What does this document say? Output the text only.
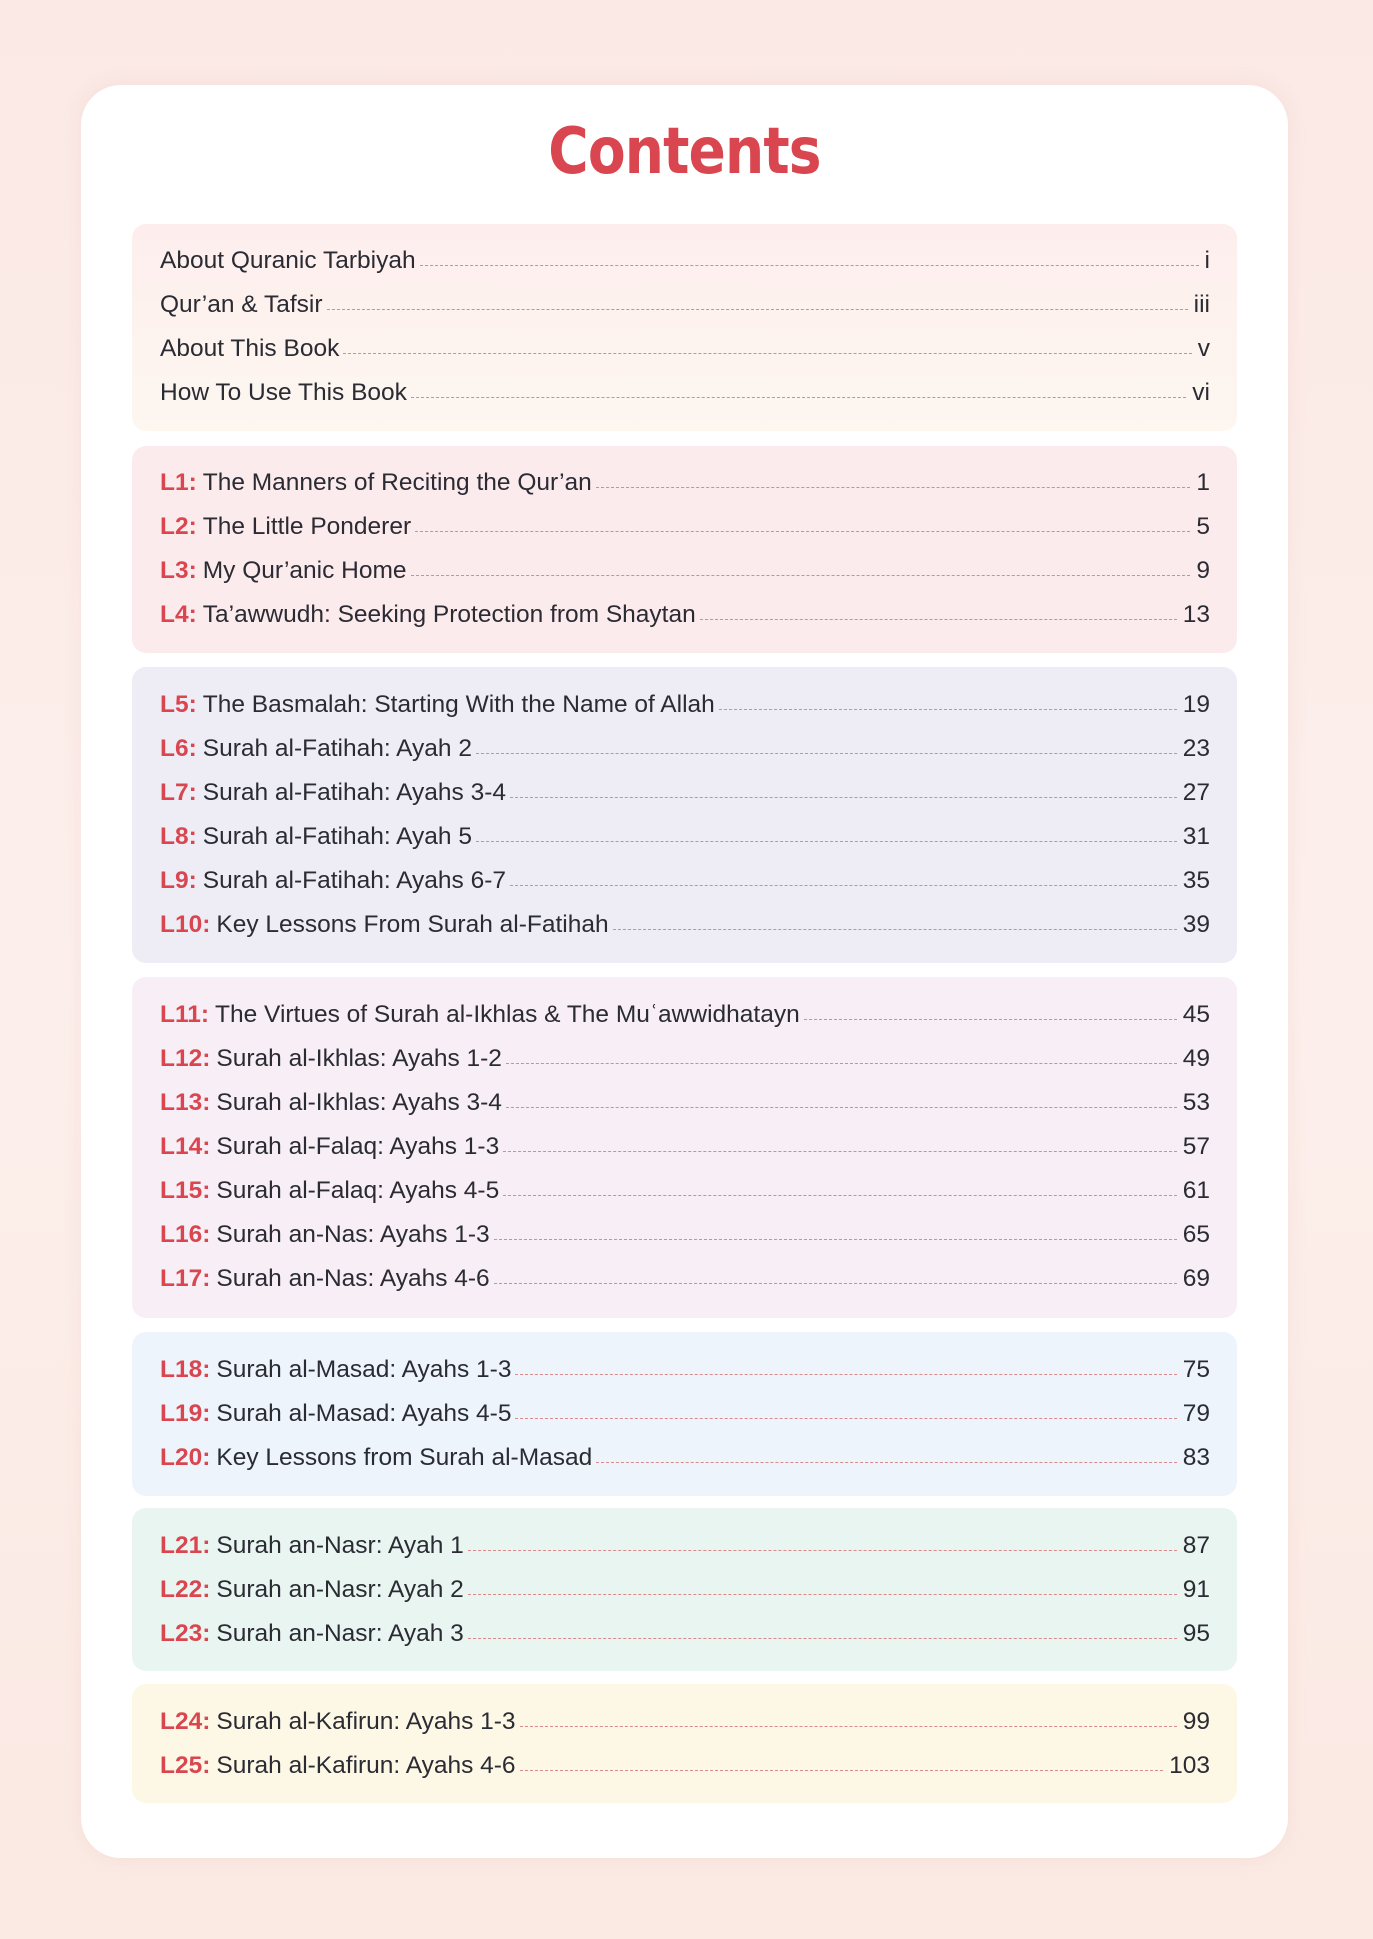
Contents
About Quranic Tarbiyah	i
Qur’an & Tafsir	iii
About This Book	v
How To Use This Book	vi
L1: The Manners of Reciting the Qur’an	1
L2: The Little Ponderer	5
L3: My Qur’anic Home	9
L4: Ta’awwudh: Seeking Protection from Shaytan	13
L5: The Basmalah: Starting With the Name of Allah	19
L6: Surah al-Fatihah: Ayah 2	23
L7: Surah al-Fatihah: Ayahs 3-4	27
L8: Surah al-Fatihah: Ayah 5	31
L9: Surah al-Fatihah: Ayahs 6-7	35
L10: Key Lessons From Surah al-Fatihah	39
L11: The Virtues of Surah al-Ikhlas & The Muʿawwidhatayn	45
L12: Surah al-Ikhlas: Ayahs 1-2	49
L13: Surah al-Ikhlas: Ayahs 3-4	53
L14: Surah al-Falaq: Ayahs 1-3	57
L15: Surah al-Falaq: Ayahs 4-5	61
L16: Surah an-Nas: Ayahs 1-3	65
L17: Surah an-Nas: Ayahs 4-6	69
L18: Surah al-Masad: Ayahs 1-3	75
L19: Surah al-Masad: Ayahs 4-5	79
L20: Key Lessons from Surah al-Masad	83
L21: Surah an-Nasr: Ayah 1	87
L22: Surah an-Nasr: Ayah 2	91
L23: Surah an-Nasr: Ayah 3	95
L24: Surah al-Kafirun: Ayahs 1-3	99
L25: Surah al-Kafirun: Ayahs 4-6	103
